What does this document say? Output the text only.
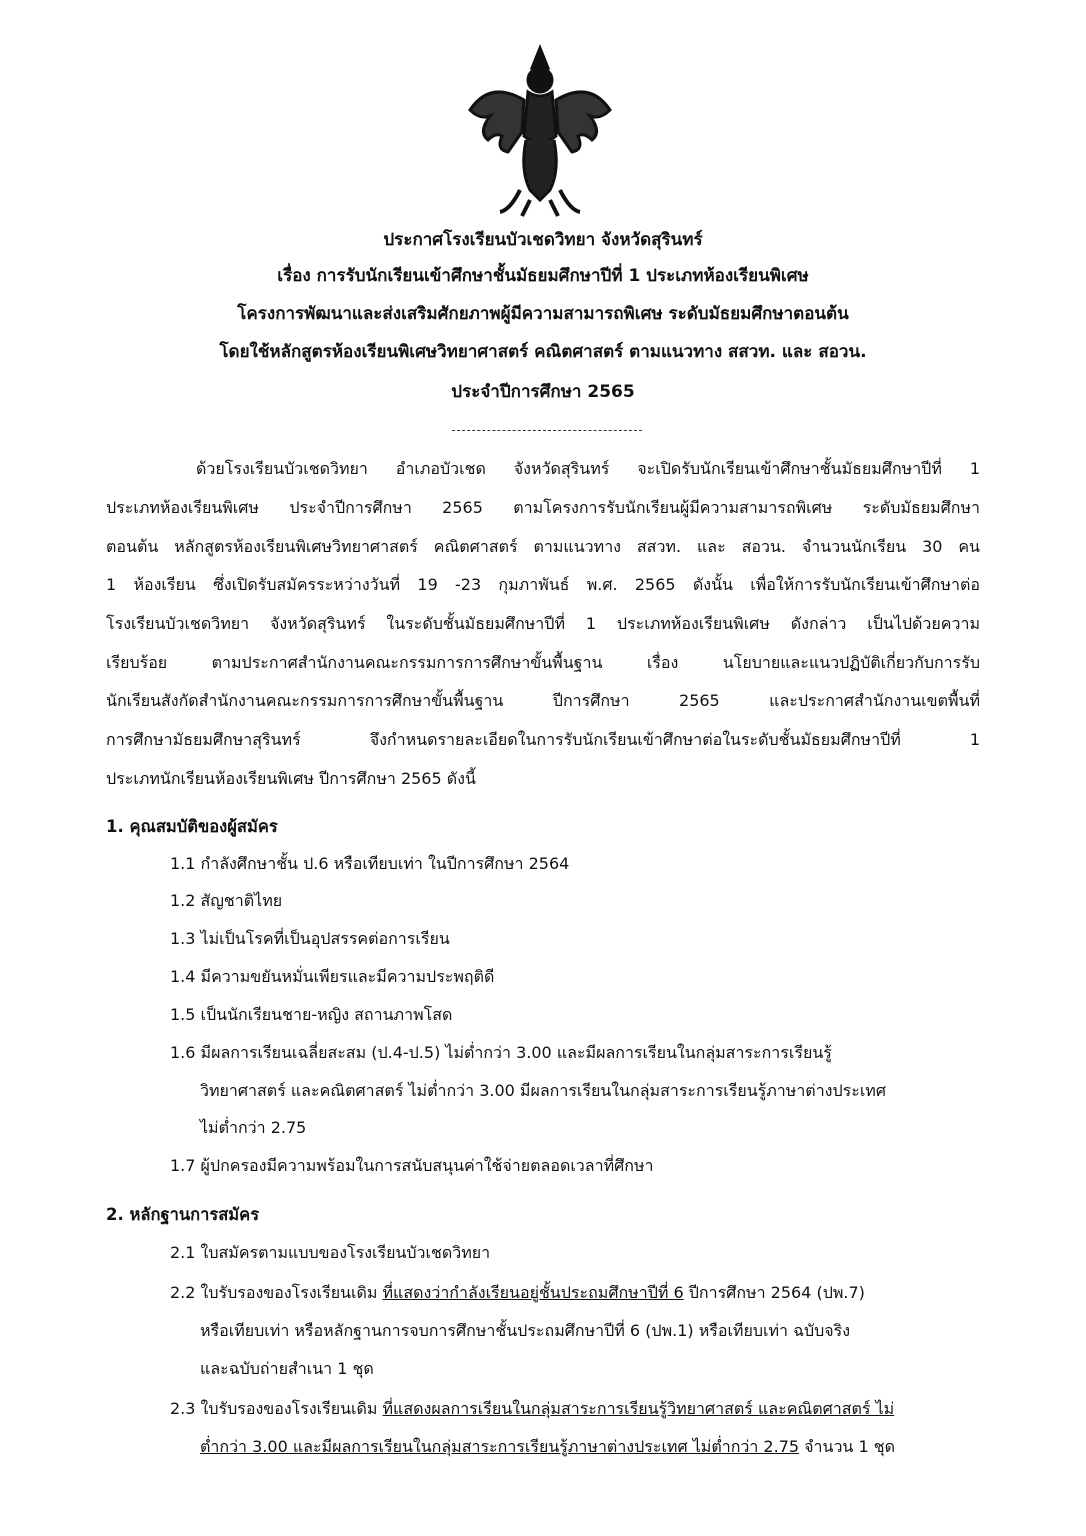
ประกาศโรงเรียนบัวเชดวิทยา จังหวัดสุรินทร์
เรื่อง การรับนักเรียนเข้าศึกษาชั้นมัธยมศึกษาปีที่ 1 ประเภทห้องเรียนพิเศษ
โครงการพัฒนาและส่งเสริมศักยภาพผู้มีความสามารถพิเศษ ระดับมัธยมศึกษาตอนต้น
โดยใช้หลักสูตรห้องเรียนพิเศษวิทยาศาสตร์ คณิตศาสตร์ ตามแนวทาง สสวท. และ สอวน.
ประจำปีการศึกษา 2565
ด้วยโรงเรียนบัวเชดวิทยา อำเภอบัวเชด จังหวัดสุรินทร์ จะเปิดรับนักเรียนเข้าศึกษาชั้นมัธยมศึกษาปีที่ 1
ประเภทห้องเรียนพิเศษ ประจำปีการศึกษา 2565 ตามโครงการรับนักเรียนผู้มีความสามารถพิเศษ ระดับมัธยมศึกษา
ตอนต้น หลักสูตรห้องเรียนพิเศษวิทยาศาสตร์ คณิตศาสตร์ ตามแนวทาง สสวท. และ สอวน. จำนวนนักเรียน 30 คน
1 ห้องเรียน ซึ่งเปิดรับสมัครระหว่างวันที่ 19 -23 กุมภาพันธ์ พ.ศ. 2565 ดังนั้น เพื่อให้การรับนักเรียนเข้าศึกษาต่อ
โรงเรียนบัวเชดวิทยา จังหวัดสุรินทร์ ในระดับชั้นมัธยมศึกษาปีที่ 1 ประเภทห้องเรียนพิเศษ ดังกล่าว เป็นไปด้วยความ
เรียบร้อย ตามประกาศสำนักงานคณะกรรมการการศึกษาขั้นพื้นฐาน เรื่อง นโยบายและแนวปฏิบัติเกี่ยวกับการรับ
นักเรียนสังกัดสำนักงานคณะกรรมการการศึกษาขั้นพื้นฐาน ปีการศึกษา 2565 และประกาศสำนักงานเขตพื้นที่
การศึกษามัธยมศึกษาสุรินทร์ จึงกำหนดรายละเอียดในการรับนักเรียนเข้าศึกษาต่อในระดับชั้นมัธยมศึกษาปีที่ 1
ประเภทนักเรียนห้องเรียนพิเศษ ปีการศึกษา 2565 ดังนี้
1. คุณสมบัติของผู้สมัคร
1.1 กำลังศึกษาชั้น ป.6 หรือเทียบเท่า ในปีการศึกษา 2564
1.2 สัญชาติไทย
1.3 ไม่เป็นโรคที่เป็นอุปสรรคต่อการเรียน
1.4 มีความขยันหมั่นเพียรและมีความประพฤติดี
1.5 เป็นนักเรียนชาย-หญิง สถานภาพโสด
1.6 มีผลการเรียนเฉลี่ยสะสม (ป.4-ป.5) ไม่ต่ำกว่า 3.00 และมีผลการเรียนในกลุ่มสาระการเรียนรู้
วิทยาศาสตร์ และคณิตศาสตร์ ไม่ต่ำกว่า 3.00 มีผลการเรียนในกลุ่มสาระการเรียนรู้ภาษาต่างประเทศ
ไม่ต่ำกว่า 2.75
1.7 ผู้ปกครองมีความพร้อมในการสนับสนุนค่าใช้จ่ายตลอดเวลาที่ศึกษา
2. หลักฐานการสมัคร
2.1 ใบสมัครตามแบบของโรงเรียนบัวเชดวิทยา
2.2 ใบรับรองของโรงเรียนเดิม ที่แสดงว่ากำลังเรียนอยู่ชั้นประถมศึกษาปีที่ 6 ปีการศึกษา 2564 (ปพ.7)
หรือเทียบเท่า หรือหลักฐานการจบการศึกษาชั้นประถมศึกษาปีที่ 6 (ปพ.1) หรือเทียบเท่า ฉบับจริง
และฉบับถ่ายสำเนา 1 ชุด
2.3 ใบรับรองของโรงเรียนเดิม ที่แสดงผลการเรียนในกลุ่มสาระการเรียนรู้วิทยาศาสตร์ และคณิตศาสตร์ ไม่
ต่ำกว่า 3.00 และมีผลการเรียนในกลุ่มสาระการเรียนรู้ภาษาต่างประเทศ ไม่ต่ำกว่า 2.75 จำนวน 1 ชุด
